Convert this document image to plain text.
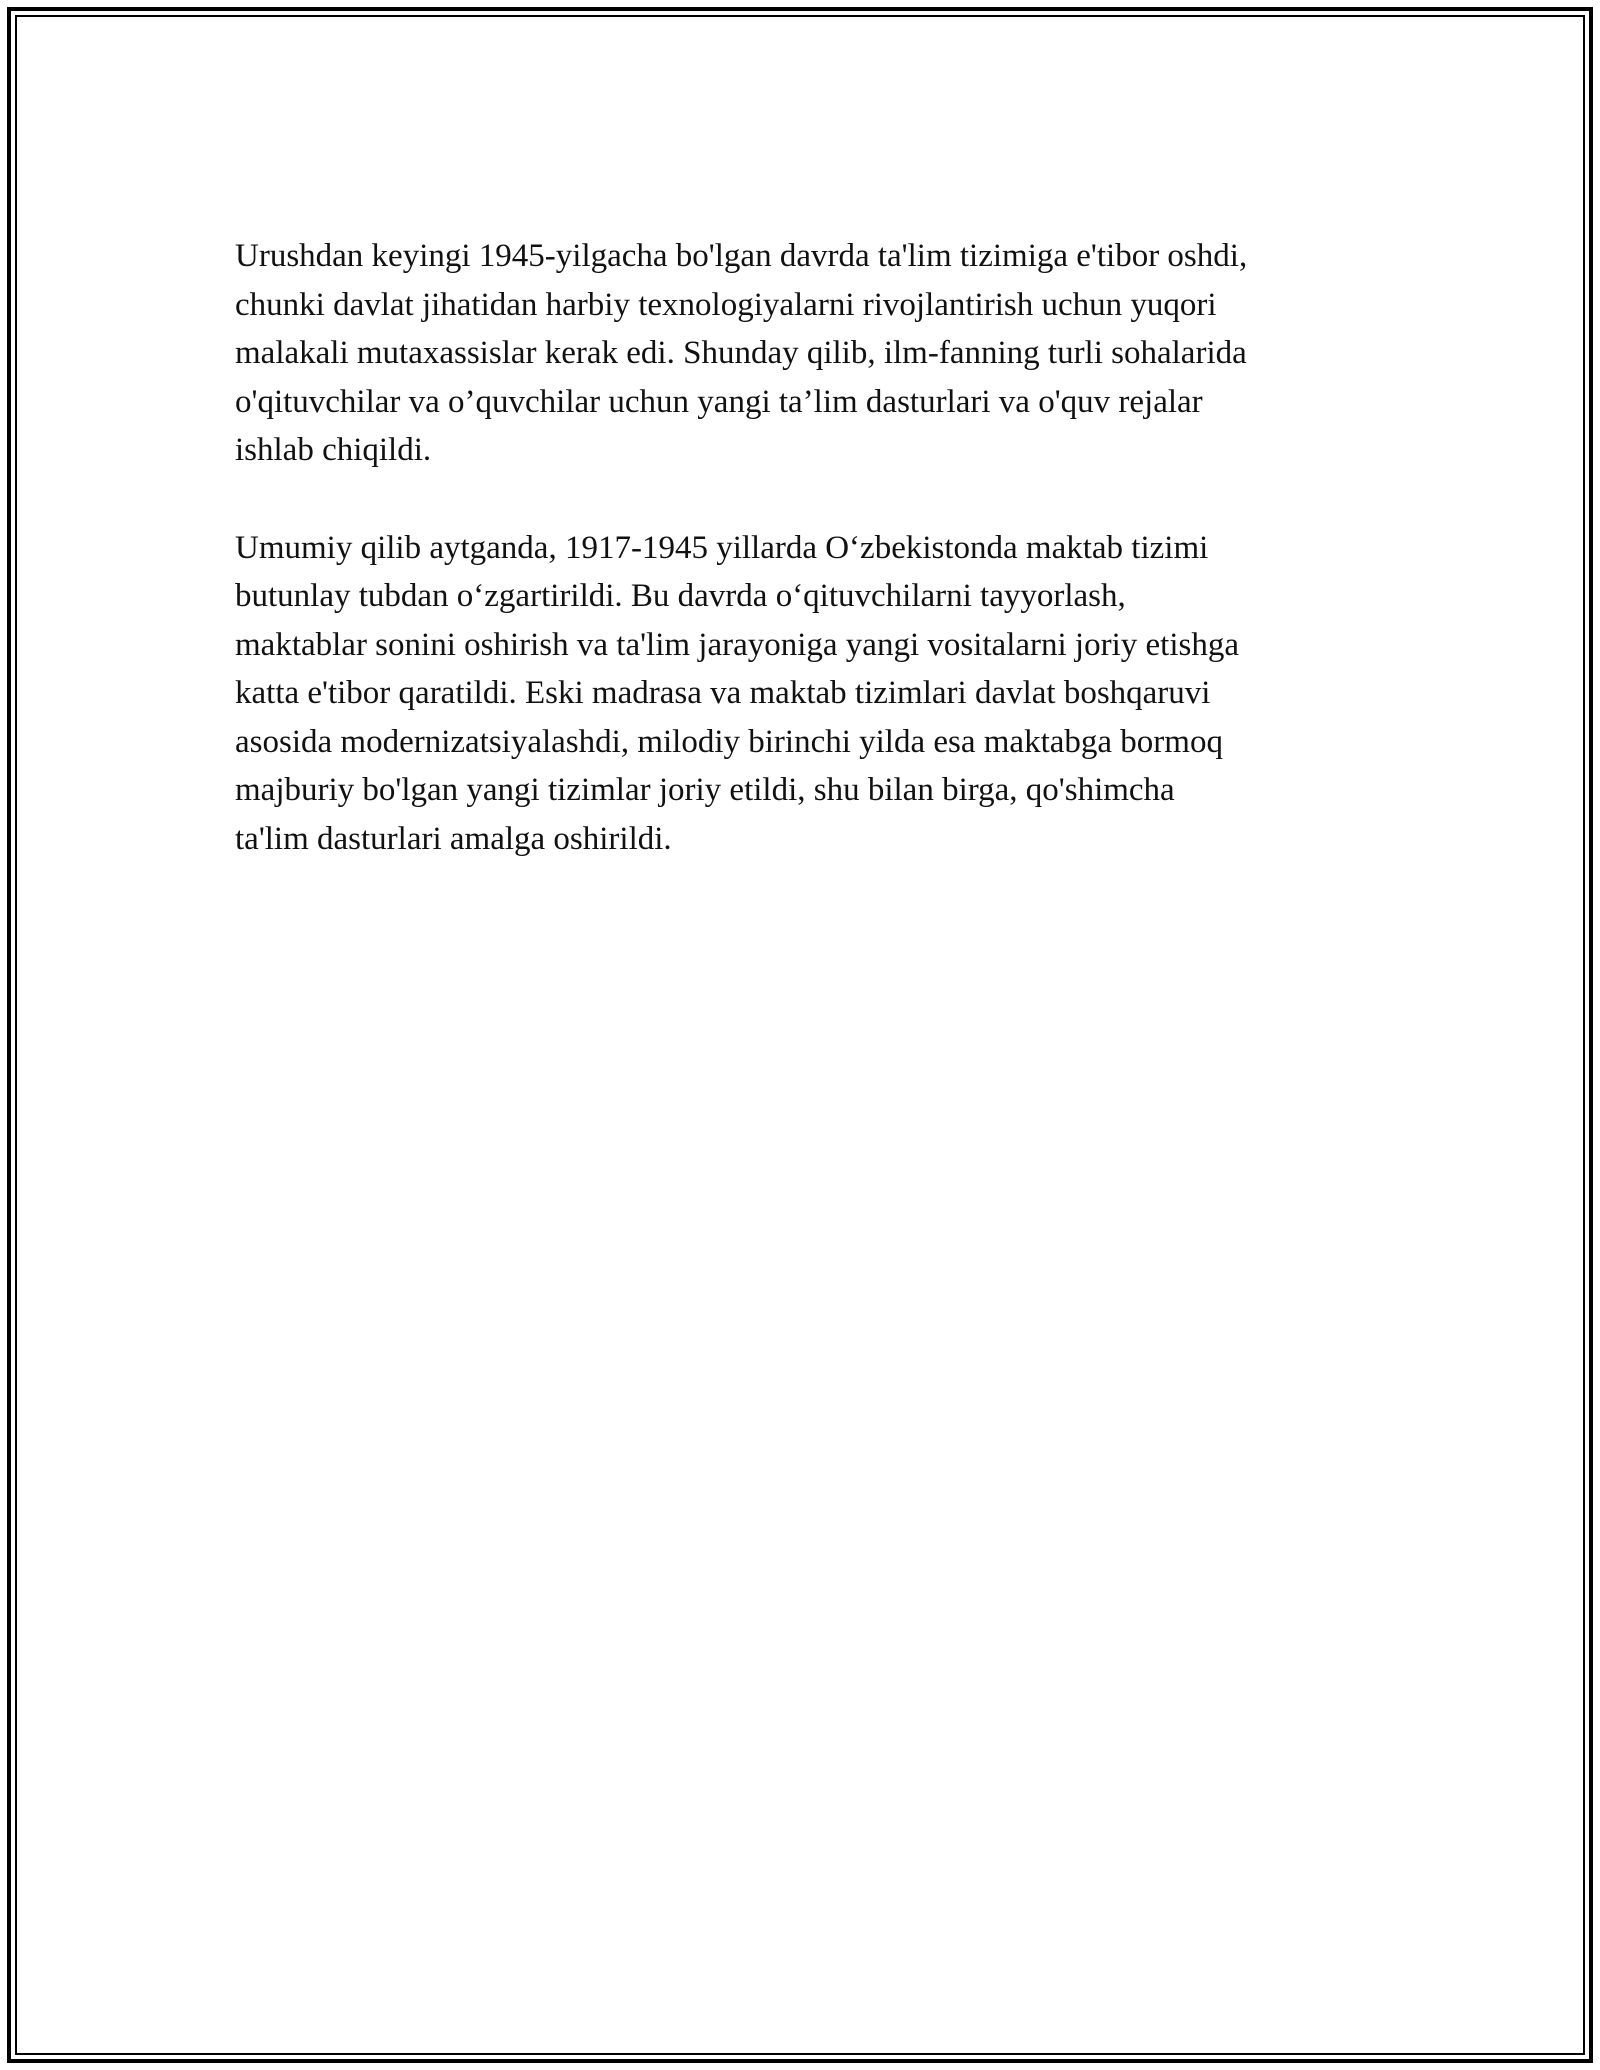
Urushdan keyingi 1945-yilgacha bo'lgan davrda ta'lim tizimiga e'tibor oshdi,
chunki davlat jihatidan harbiy texnologiyalarni rivojlantirish uchun yuqori
malakali mutaxassislar kerak edi. Shunday qilib, ilm-fanning turli sohalarida
o'qituvchilar va o’quvchilar uchun yangi ta’lim dasturlari va o'quv rejalar
ishlab chiqildi.

Umumiy qilib aytganda, 1917-1945 yillarda O‘zbekistonda maktab tizimi
butunlay tubdan o‘zgartirildi. Bu davrda o‘qituvchilarni tayyorlash,
maktablar sonini oshirish va ta'lim jarayoniga yangi vositalarni joriy etishga
katta e'tibor qaratildi. Eski madrasa va maktab tizimlari davlat boshqaruvi
asosida modernizatsiyalashdi, milodiy birinchi yilda esa maktabga bormoq
majburiy bo'lgan yangi tizimlar joriy etildi, shu bilan birga, qo'shimcha
ta'lim dasturlari amalga oshirildi.
